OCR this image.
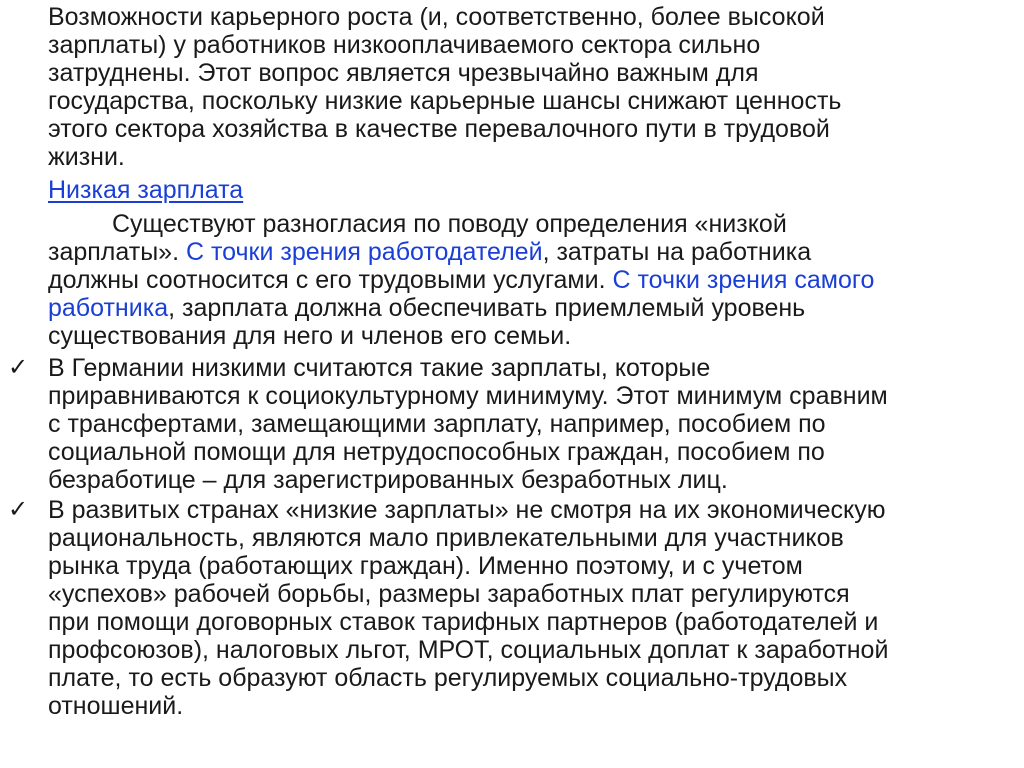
Возможности карьерного роста (и, соответственно, более высокой
зарплаты) у работников низкооплачиваемого сектора сильно
затруднены. Этот вопрос является чрезвычайно важным для
государства, поскольку низкие карьерные шансы снижают ценность
этого сектора хозяйства в качестве перевалочного пути в трудовой
жизни.
Низкая зарплата
Существуют разногласия по поводу определения «низкой
зарплаты». С точки зрения работодателей, затраты на работника
должны соотносится с его трудовыми услугами. С точки зрения самого
работника, зарплата должна обеспечивать приемлемый уровень
существования для него и членов его семьи.
✓ В Германии низкими считаются такие зарплаты, которые
приравниваются к социокультурному минимуму. Этот минимум сравним
с трансфертами, замещающими зарплату, например, пособием по
социальной помощи для нетрудоспособных граждан, пособием по
безработице – для зарегистрированных безработных лиц.
✓ В развитых странах «низкие зарплаты» не смотря на их экономическую
рациональность, являются мало привлекательными для участников
рынка труда (работающих граждан). Именно поэтому, и с учетом
«успехов» рабочей борьбы, размеры заработных плат регулируются
при помощи договорных ставок тарифных партнеров (работодателей и
профсоюзов), налоговых льгот, МРОТ, социальных доплат к заработной
плате, то есть образуют область регулируемых социально-трудовых
отношений.
